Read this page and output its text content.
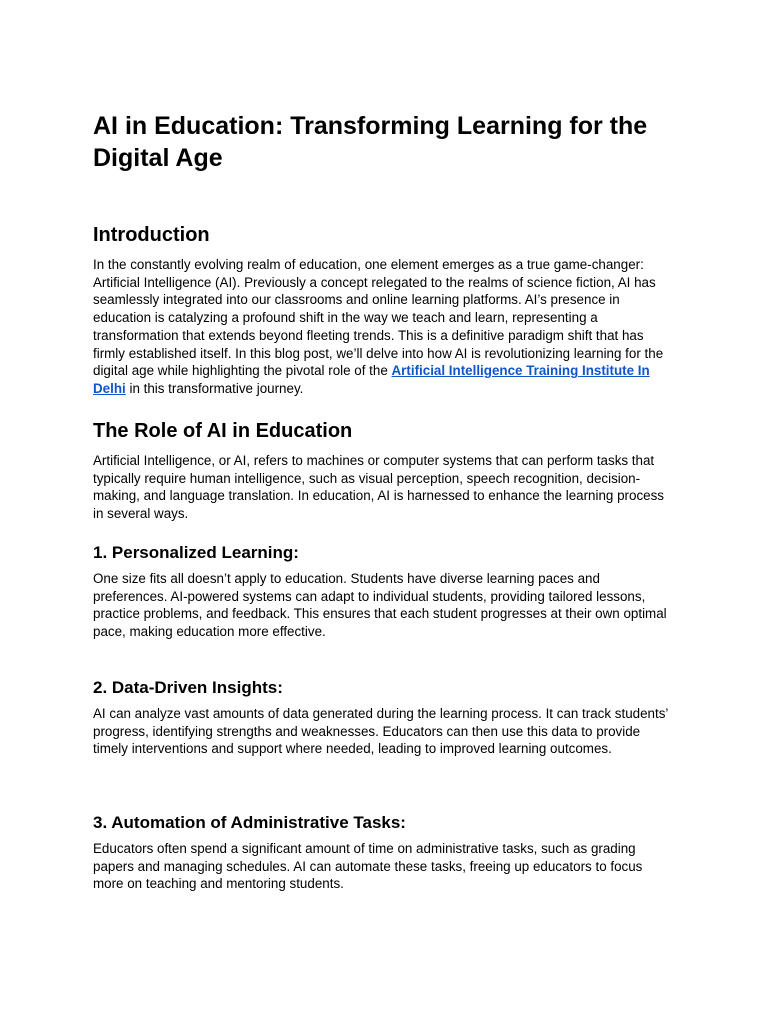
AI in Education: Transforming Learning for the Digital Age
Introduction

In the constantly evolving realm of education, one element emerges as a true game-changer: Artificial Intelligence (AI). Previously a concept relegated to the realms of science fiction, AI has seamlessly integrated into our classrooms and online learning platforms. AI’s presence in education is catalyzing a profound shift in the way we teach and learn, representing a transformation that extends beyond fleeting trends. This is a definitive paradigm shift that has firmly established itself. In this blog post, we’ll delve into how AI is revolutionizing learning for the digital age while highlighting the pivotal role of the Artificial Intelligence Training Institute In Delhi in this transformative journey.

The Role of AI in Education

Artificial Intelligence, or AI, refers to machines or computer systems that can perform tasks that typically require human intelligence, such as visual perception, speech recognition, decision-making, and language translation. In education, AI is harnessed to enhance the learning process in several ways.

1. Personalized Learning:

One size fits all doesn’t apply to education. Students have diverse learning paces and preferences. AI-powered systems can adapt to individual students, providing tailored lessons, practice problems, and feedback. This ensures that each student progresses at their own optimal pace, making education more effective.

2. Data-Driven Insights:

AI can analyze vast amounts of data generated during the learning process. It can track students’ progress, identifying strengths and weaknesses. Educators can then use this data to provide timely interventions and support where needed, leading to improved learning outcomes.

3. Automation of Administrative Tasks:

Educators often spend a significant amount of time on administrative tasks, such as grading papers and managing schedules. AI can automate these tasks, freeing up educators to focus more on teaching and mentoring students.
